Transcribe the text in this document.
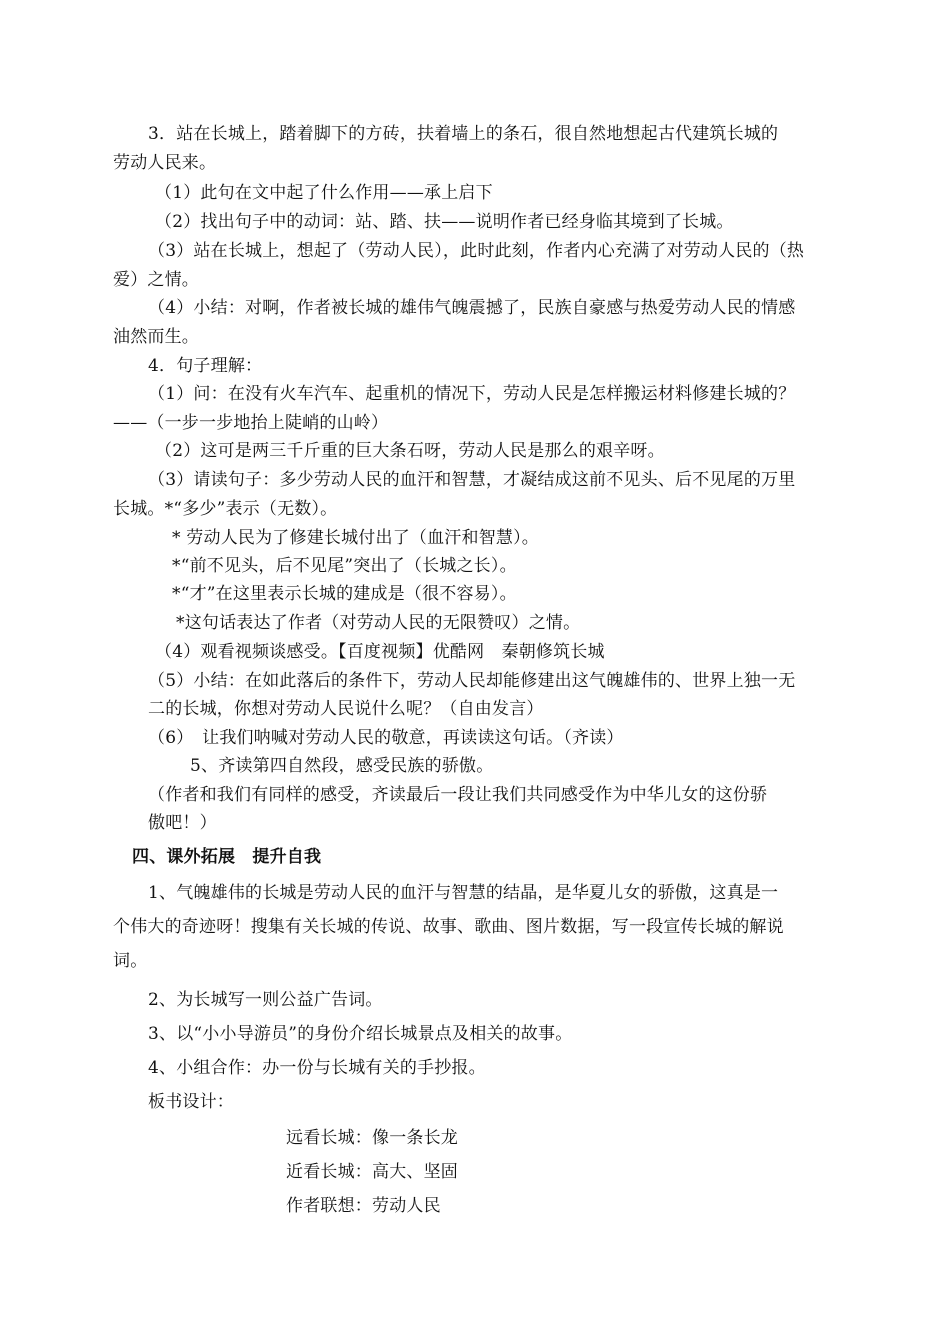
3．站在长城上，踏着脚下的方砖，扶着墙上的条石，很自然地想起古代建筑长城的
劳动人民来。
（1）此句在文中起了什么作用——承上启下
（2）找出句子中的动词：站、踏、扶——说明作者已经身临其境到了长城。
（3）站在长城上，想起了（劳动人民），此时此刻，作者内心充满了对劳动人民的（热
爱）之情。
（4）小结：对啊，作者被长城的雄伟气魄震撼了，民族自豪感与热爱劳动人民的情感
油然而生。
4．句子理解：
（1）问：在没有火车汽车、起重机的情况下，劳动人民是怎样搬运材料修建长城的？
——（一步一步地抬上陡峭的山岭）
（2）这可是两三千斤重的巨大条石呀，劳动人民是那么的艰辛呀。
（3）请读句子：多少劳动人民的血汗和智慧，才凝结成这前不见头、后不见尾的万里
长城。*“多少”表示（无数）。
* 劳动人民为了修建长城付出了（血汗和智慧）。
*“前不见头，后不见尾”突出了（长城之长）。
*“才”在这里表示长城的建成是（很不容易）。
*这句话表达了作者（对劳动人民的无限赞叹）之情。
（4）观看视频谈感受。【百度视频】优酷网　秦朝修筑长城
（5）小结：在如此落后的条件下，劳动人民却能修建出这气魄雄伟的、世界上独一无
二的长城，你想对劳动人民说什么呢？（自由发言）
（6）　让我们呐喊对劳动人民的敬意，再读读这句话。（齐读）
5、齐读第四自然段，感受民族的骄傲。
（作者和我们有同样的感受，齐读最后一段让我们共同感受作为中华儿女的这份骄
傲吧！）
四、课外拓展　提升自我
1、气魄雄伟的长城是劳动人民的血汗与智慧的结晶，是华夏儿女的骄傲，这真是一
个伟大的奇迹呀！搜集有关长城的传说、故事、歌曲、图片数据，写一段宣传长城的解说
词。
2、为长城写一则公益广告词。
3、以“小小导游员”的身份介绍长城景点及相关的故事。
4、小组合作：办一份与长城有关的手抄报。
板书设计：
远看长城：像一条长龙
近看长城：高大、坚固
作者联想：劳动人民
